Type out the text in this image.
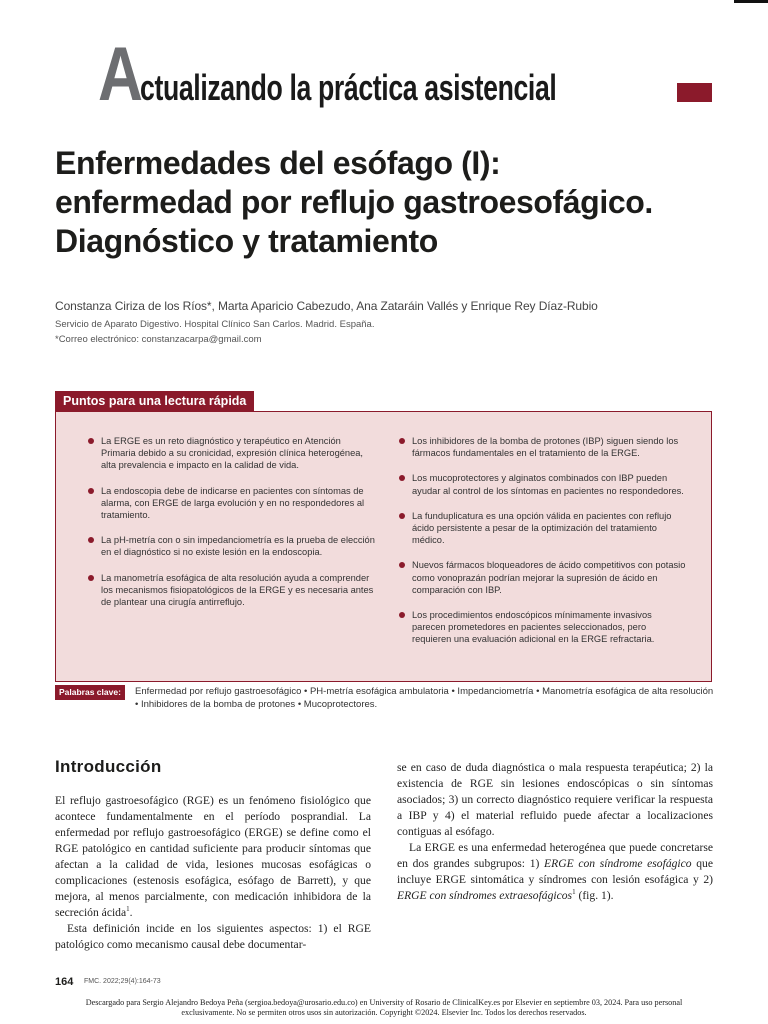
A
ctualizando la práctica asistencial
Enfermedades del esófago (I):
enfermedad por reflujo gastroesofágico.
Diagnóstico y tratamiento
Constanza Ciriza de los Ríos*, Marta Aparicio Cabezudo, Ana Zataráin Vallés y Enrique Rey Díaz-Rubio
Servicio de Aparato Digestivo. Hospital Clínico San Carlos. Madrid. España.
*Correo electrónico: constanzacarpa@gmail.com
Puntos para una lectura rápida
La ERGE es un reto diagnóstico y terapéutico en Atención Primaria debido a su cronicidad, expresión clínica heterogénea, alta prevalencia e impacto en la calidad de vida.
La endoscopia debe de indicarse en pacientes con síntomas de alarma, con ERGE de larga evolución y en no respondedores al tratamiento.
La pH-metría con o sin impedanciometría es la prueba de elección en el diagnóstico si no existe lesión en la endoscopia.
La manometría esofágica de alta resolución ayuda a comprender los mecanismos fisiopatológicos de la ERGE y es necesaria antes de plantear una cirugía antirreflujo.
Los inhibidores de la bomba de protones (IBP) siguen siendo los fármacos fundamentales en el tratamiento de la ERGE.
Los mucoprotectores y alginatos combinados con IBP pueden ayudar al control de los síntomas en pacientes no respondedores.
La funduplicatura es una opción válida en pacientes con reflujo ácido persistente a pesar de la optimización del tratamiento médico.
Nuevos fármacos bloqueadores de ácido competitivos con potasio como vonoprazán podrían mejorar la supresión de ácido en comparación con IBP.
Los procedimientos endoscópicos mínimamente invasivos parecen prometedores en pacientes seleccionados, pero requieren una evaluación adicional en la ERGE refractaria.
Palabras clave:	Enfermedad por reflujo gastroesofágico • PH-metría esofágica ambulatoria • Impedanciometría • Manometría esofágica de alta resolución • Inhibidores de la bomba de protones • Mucoprotectores.
Introducción

El reflujo gastroesofágico (RGE) es un fenómeno fisiológico que acontece fundamentalmente en el período posprandial. La enfermedad por reflujo gastroesofágico (ERGE) se define como el RGE patológico en cantidad suficiente para producir síntomas que afectan a la calidad de vida, lesiones mucosas esofágicas o complicaciones (estenosis esofágica, esófago de Barrett), y que mejora, al menos parcialmente, con medicación inhibidora de la secreción ácida$^1$.

Esta definición incide en los siguientes aspectos: 1) el RGE patológico como mecanismo causal debe documentar-

se en caso de duda diagnóstica o mala respuesta terapéutica; 2) la existencia de RGE sin lesiones endoscópicas o sin síntomas asociados; 3) un correcto diagnóstico requiere verificar la respuesta a IBP y 4) el material refluido puede afectar a localizaciones contiguas al esófago.

La ERGE es una enfermedad heterogénea que puede concretarse en dos grandes subgrupos: 1) ERGE con síndrome esofágico que incluye ERGE sintomática y síndromes con lesión esofágica y 2) ERGE con síndromes extraesofágicos$^1$ (fig. 1).

164 FMC. 2022;29(4):164-73
Descargado para Sergio Alejandro Bedoya Peña (sergioa.bedoya@urosario.edu.co) en University of Rosario de ClinicalKey.es por Elsevier en septiembre 03, 2024. Para uso personal exclusivamente. No se permiten otros usos sin autorización. Copyright ©2024. Elsevier Inc. Todos los derechos reservados.
